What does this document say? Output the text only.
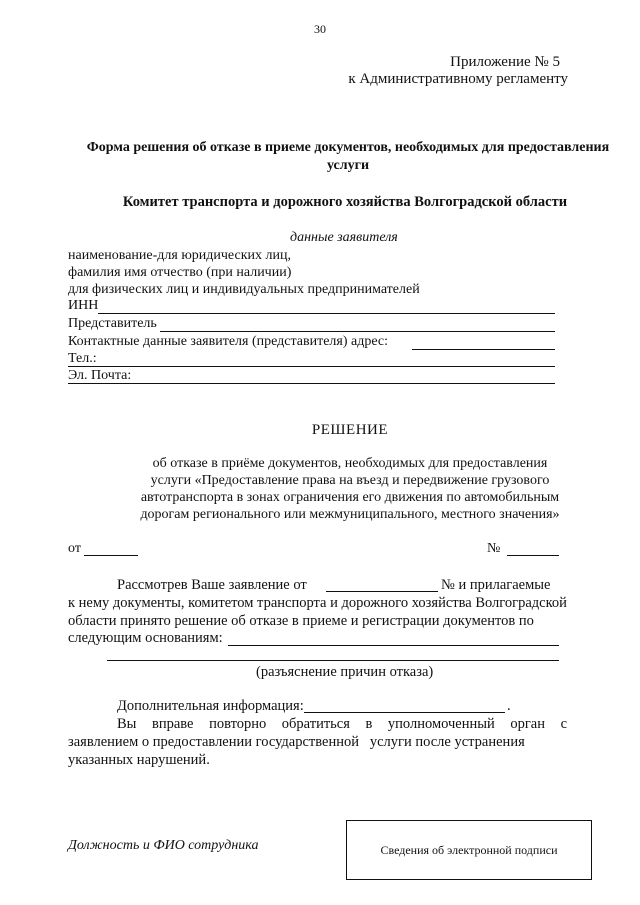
30
Приложение № 5
к Административному регламенту
Форма решения об отказе в приеме документов, необходимых для предоставления услуги
Комитет транспорта и дорожного хозяйства Волгоградской области
данные заявителя
наименование-для юридических лиц,
фамилия имя отчество (при наличии)
для физических лиц и индивидуальных предпринимателей
ИНН
Представитель
Контактные данные заявителя (представителя) адрес:
Тел.:
Эл. Почта:
РЕШЕНИЕ
об отказе в приёме документов, необходимых для предоставления
услуги «Предоставление права на въезд и передвижение грузового
автотранспорта в зонах ограничения его движения по автомобильным
дорогам регионального или межмуниципального, местного значения»
от	№
Рассмотрев Ваше заявление от	№ и прилагаемые
к нему документы, комитетом транспорта и дорожного хозяйства Волгоградской
области принято решение об отказе в приеме и регистрации документов по
следующим основаниям:
(разъяснение причин отказа)
Дополнительная информация:	.
Вы вправе повторно обратиться в уполномоченный орган с
заявлением о предоставлении государственной   услуги после устранения
указанных нарушений.
Должность и ФИО сотрудника	Сведения об электронной подписи
